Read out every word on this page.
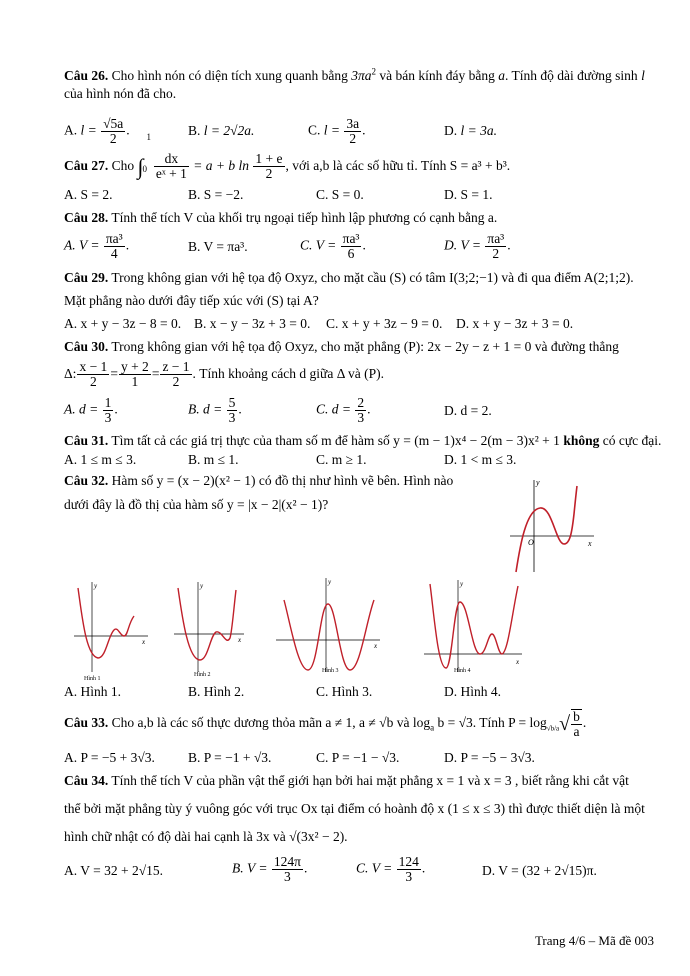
Câu 26. Cho hình nón có diện tích xung quanh bằng $3\pi a^2$ và bán kính đáy bằng a. Tính độ dài đường sinh l
của hình nón đã cho.
A. $l = \frac{√5a}{2}$ .	B. l = 2√2a.	C. $l = \frac{3a}{2}$ .	D. l = 3a.
Câu 27. Cho ∫
1
0
$\frac{dx}{\text{eˣ + 1}} = a + b$ $\ln \frac{1 + e}{2}$ , với a,b là các số hữu tỉ. Tính S = a³ + b³.
A. S = 2.	B. S = −2.	C. S = 0.	D. S = 1.
Câu 28. Tính thể tích V của khối trụ ngoại tiếp hình lập phương có cạnh bằng a.
A. $V = \frac{\text{πa³}}{4}$ .	B. V = πa³.	C. $V = \frac{\text{πa³}}{6}$ .	D. $V = \frac{\text{πa³}}{2}$ .
Câu 29. Trong không gian với hệ tọa độ Oxyz, cho mặt cầu (S) có tâm I(3;2;−1) và đi qua điểm A(2;1;2).
Mặt phẳng nào dưới đây tiếp xúc với (S) tại A?
A. x + y − 3z − 8 = 0. B. x − y − 3z + 3 = 0. C. x + y + 3z − 9 = 0. D. x + y − 3z + 3 = 0.
Câu 30. Trong không gian với hệ tọa độ Oxyz, cho mặt phẳng (P): 2x − 2y − z + 1 = 0 và đường thẳng
Δ: $\frac{x - 1}{2} = \frac{y + 2}{1} = \frac{z - 1}{2}$ . Tính khoảng cách d giữa Δ và (P).
A. $d = \frac{1}{3}$ .	B. $d = \frac{5}{3}$ .	C. $d = \frac{2}{3}$ .	D. d = 2.
Câu 31. Tìm tất cả các giá trị thực của tham số m để hàm số y = (m − 1)x⁴ − 2(m − 3)x² + 1 không có cực đại.
A. 1 ≤ m ≤ 3.	B. m ≤ 1.	C. m ≥ 1.	D. 1 < m ≤ 3.
Câu 32. Hàm số y = (x − 2)(x² − 1) có đồ thị như hình vẽ bên. Hình nào
dưới đây là đồ thị của hàm số y = |x − 2|(x² − 1)?
y
x
O
y
x
Hình 1
y
x
Hình 2
y
x
Hình 3
y
x
Hình 4
A. Hình 1.	B. Hình 2.	C. Hình 3.	D. Hình 4.
Câu 33. Cho a,b là các số thực dương thỏa mãn a ≠ 1, a ≠ √b và $\log_a b = √3$. Tính $P = \log_{√b/a}√ \frac{b}{a}$ .
A. P = −5 + 3√3. B. P = −1 + √3.	C. P = −1 − √3.	D. P = −5 − 3√3.
Câu 34. Tính thể tích V của phần vật thể giới hạn bởi hai mặt phẳng x = 1 và x = 3 , biết rằng khi cắt vật
thể bởi mặt phẳng tùy ý vuông góc với trục Ox tại điểm có hoành độ x (1 ≤ x ≤ 3) thì được thiết diện là một
hình chữ nhật có độ dài hai cạnh là 3x và √(3x² − 2).
A. V = 32 + 2√15.	B. $V = \frac{124\pi}{3}$ .	C. $V = \frac{124}{3}$ .	D. V = (32 + 2√15)π.
Trang 4/6 – Mã đề 003
